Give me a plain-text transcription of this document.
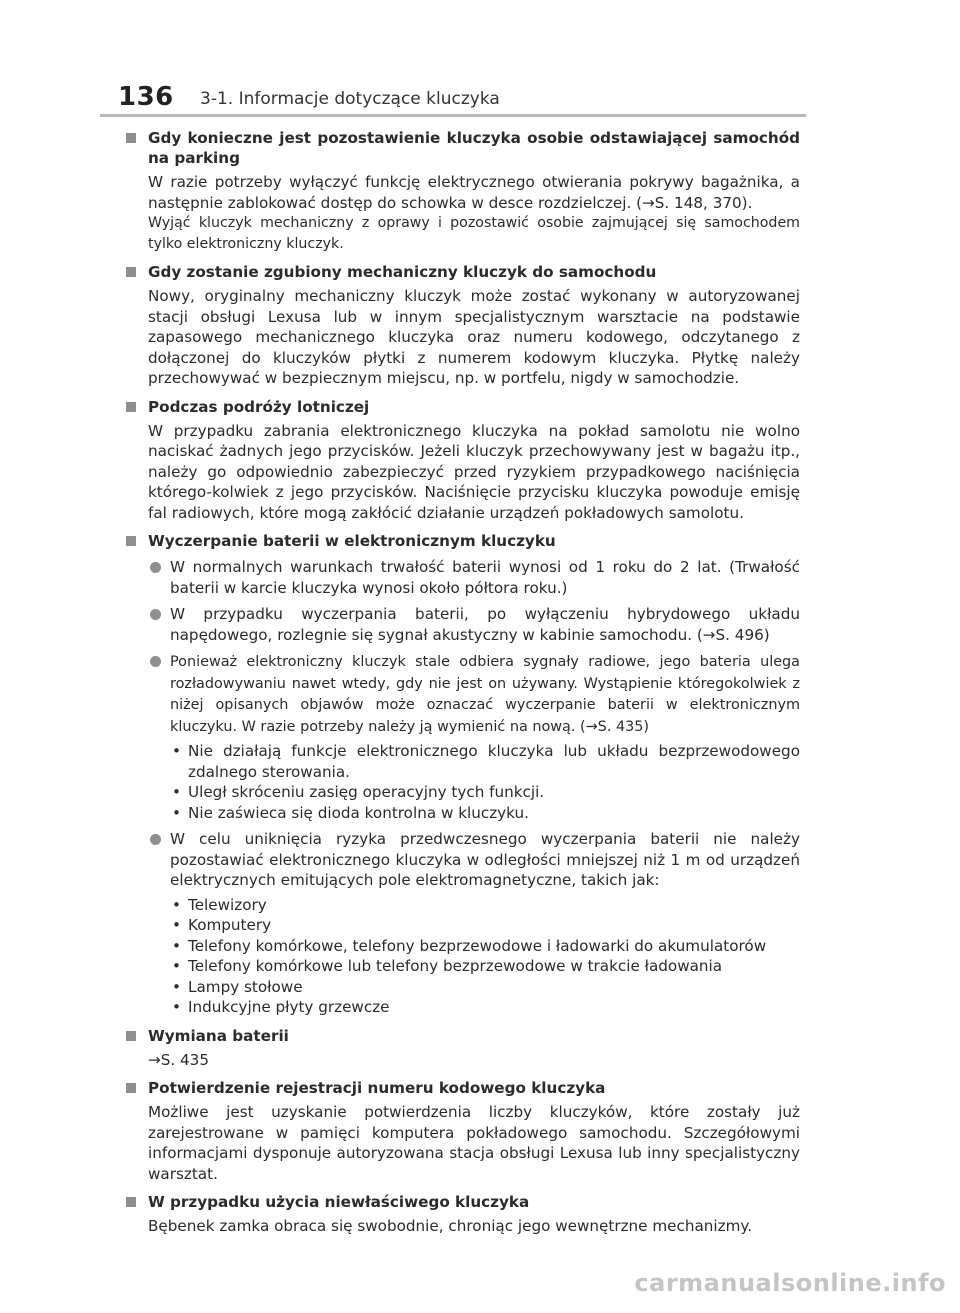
136 3-1. Informacje dotyczące kluczyka
Gdy konieczne jest pozostawienie kluczyka osobie odstawiającej samochód na parking
W razie potrzeby wyłączyć funkcję elektrycznego otwierania pokrywy bagażnika, a następnie zablokować dostęp do schowka w desce rozdzielczej. (→S. 148, 370).
Wyjąć kluczyk mechaniczny z oprawy i pozostawić osobie zajmującej się samochodem tylko elektroniczny kluczyk.
Gdy zostanie zgubiony mechaniczny kluczyk do samochodu
Nowy, oryginalny mechaniczny kluczyk może zostać wykonany w autoryzowanej stacji obsługi Lexusa lub w innym specjalistycznym warsztacie na podstawie zapasowego mechanicznego kluczyka oraz numeru kodowego, odczytanego z dołączonej do kluczyków płytki z numerem kodowym kluczyka. Płytkę należy przechowywać w bezpiecznym miejscu, np. w portfelu, nigdy w samochodzie.
Podczas podróży lotniczej
W przypadku zabrania elektronicznego kluczyka na pokład samolotu nie wolno naciskać żadnych jego przycisków. Jeżeli kluczyk przechowywany jest w bagażu itp., należy go odpowiednio zabezpieczyć przed ryzykiem przypadkowego naciśnięcia którego-kolwiek z jego przycisków. Naciśnięcie przycisku kluczyka powoduje emisję fal radiowych, które mogą zakłócić działanie urządzeń pokładowych samolotu.
Wyczerpanie baterii w elektronicznym kluczyku
W normalnych warunkach trwałość baterii wynosi od 1 roku do 2 lat. (Trwałość baterii w karcie kluczyka wynosi około półtora roku.)
W przypadku wyczerpania baterii, po wyłączeniu hybrydowego układu napędowego, rozlegnie się sygnał akustyczny w kabinie samochodu. (→S. 496)
Ponieważ elektroniczny kluczyk stale odbiera sygnały radiowe, jego bateria ulega rozładowywaniu nawet wtedy, gdy nie jest on używany. Wystąpienie któregokolwiek z niżej opisanych objawów może oznaczać wyczerpanie baterii w elektronicznym kluczyku. W razie potrzeby należy ją wymienić na nową. (→S. 435)
• Nie działają funkcje elektronicznego kluczyka lub układu bezprzewodowego zdalnego sterowania.
• Uległ skróceniu zasięg operacyjny tych funkcji.
• Nie zaświeca się dioda kontrolna w kluczyku.
W celu uniknięcia ryzyka przedwczesnego wyczerpania baterii nie należy pozostawiać elektronicznego kluczyka w odległości mniejszej niż 1 m od urządzeń elektrycznych emitujących pole elektromagnetyczne, takich jak:
• Telewizory
• Komputery
• Telefony komórkowe, telefony bezprzewodowe i ładowarki do akumulatorów
• Telefony komórkowe lub telefony bezprzewodowe w trakcie ładowania
• Lampy stołowe
• Indukcyjne płyty grzewcze
Wymiana baterii
→S. 435
Potwierdzenie rejestracji numeru kodowego kluczyka
Możliwe jest uzyskanie potwierdzenia liczby kluczyków, które zostały już zarejestrowane w pamięci komputera pokładowego samochodu. Szczegółowymi informacjami dysponuje autoryzowana stacja obsługi Lexusa lub inny specjalistyczny warsztat.
W przypadku użycia niewłaściwego kluczyka
Bębenek zamka obraca się swobodnie, chroniąc jego wewnętrzne mechanizmy.
carmanualsonline.info
